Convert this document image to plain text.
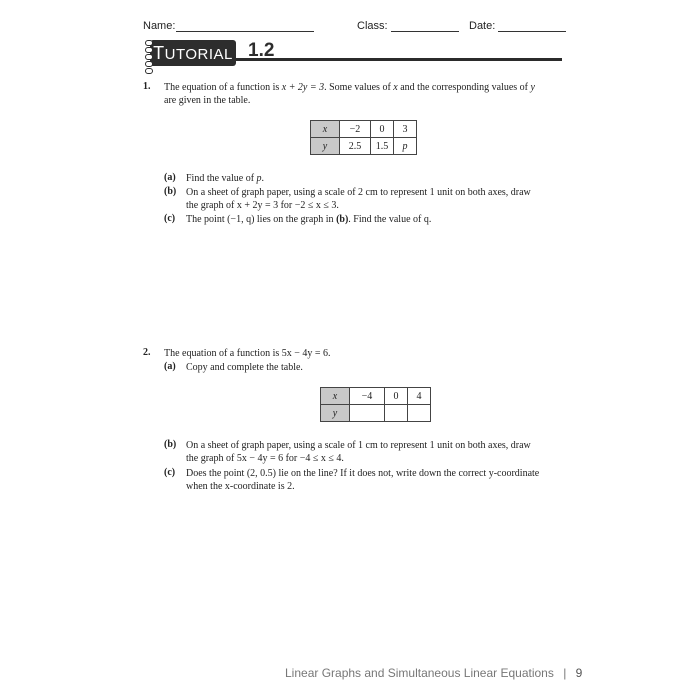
Name:	Class:	Date:
TUTORIAL 1.2
1. The equation of a function is x + 2y = 3. Some values of x and the corresponding values of y
are given in the table.
x	−2	0	3
y	2.5	1.5	p
(a) Find the value of p.
(b) On a sheet of graph paper, using a scale of 2 cm to represent 1 unit on both axes, draw
the graph of x + 2y = 3 for −2 ≤ x ≤ 3.
(c) The point (−1, q) lies on the graph in (b). Find the value of q.
2. The equation of a function is 5x − 4y = 6.
(a) Copy and complete the table.
x	−4	0	4
y			
(b) On a sheet of graph paper, using a scale of 1 cm to represent 1 unit on both axes, draw
the graph of 5x − 4y = 6 for −4 ≤ x ≤ 4.
(c) Does the point (2, 0.5) lie on the line? If it does not, write down the correct y-coordinate
when the x-coordinate is 2.
Linear Graphs and Simultaneous Linear Equations | 9
